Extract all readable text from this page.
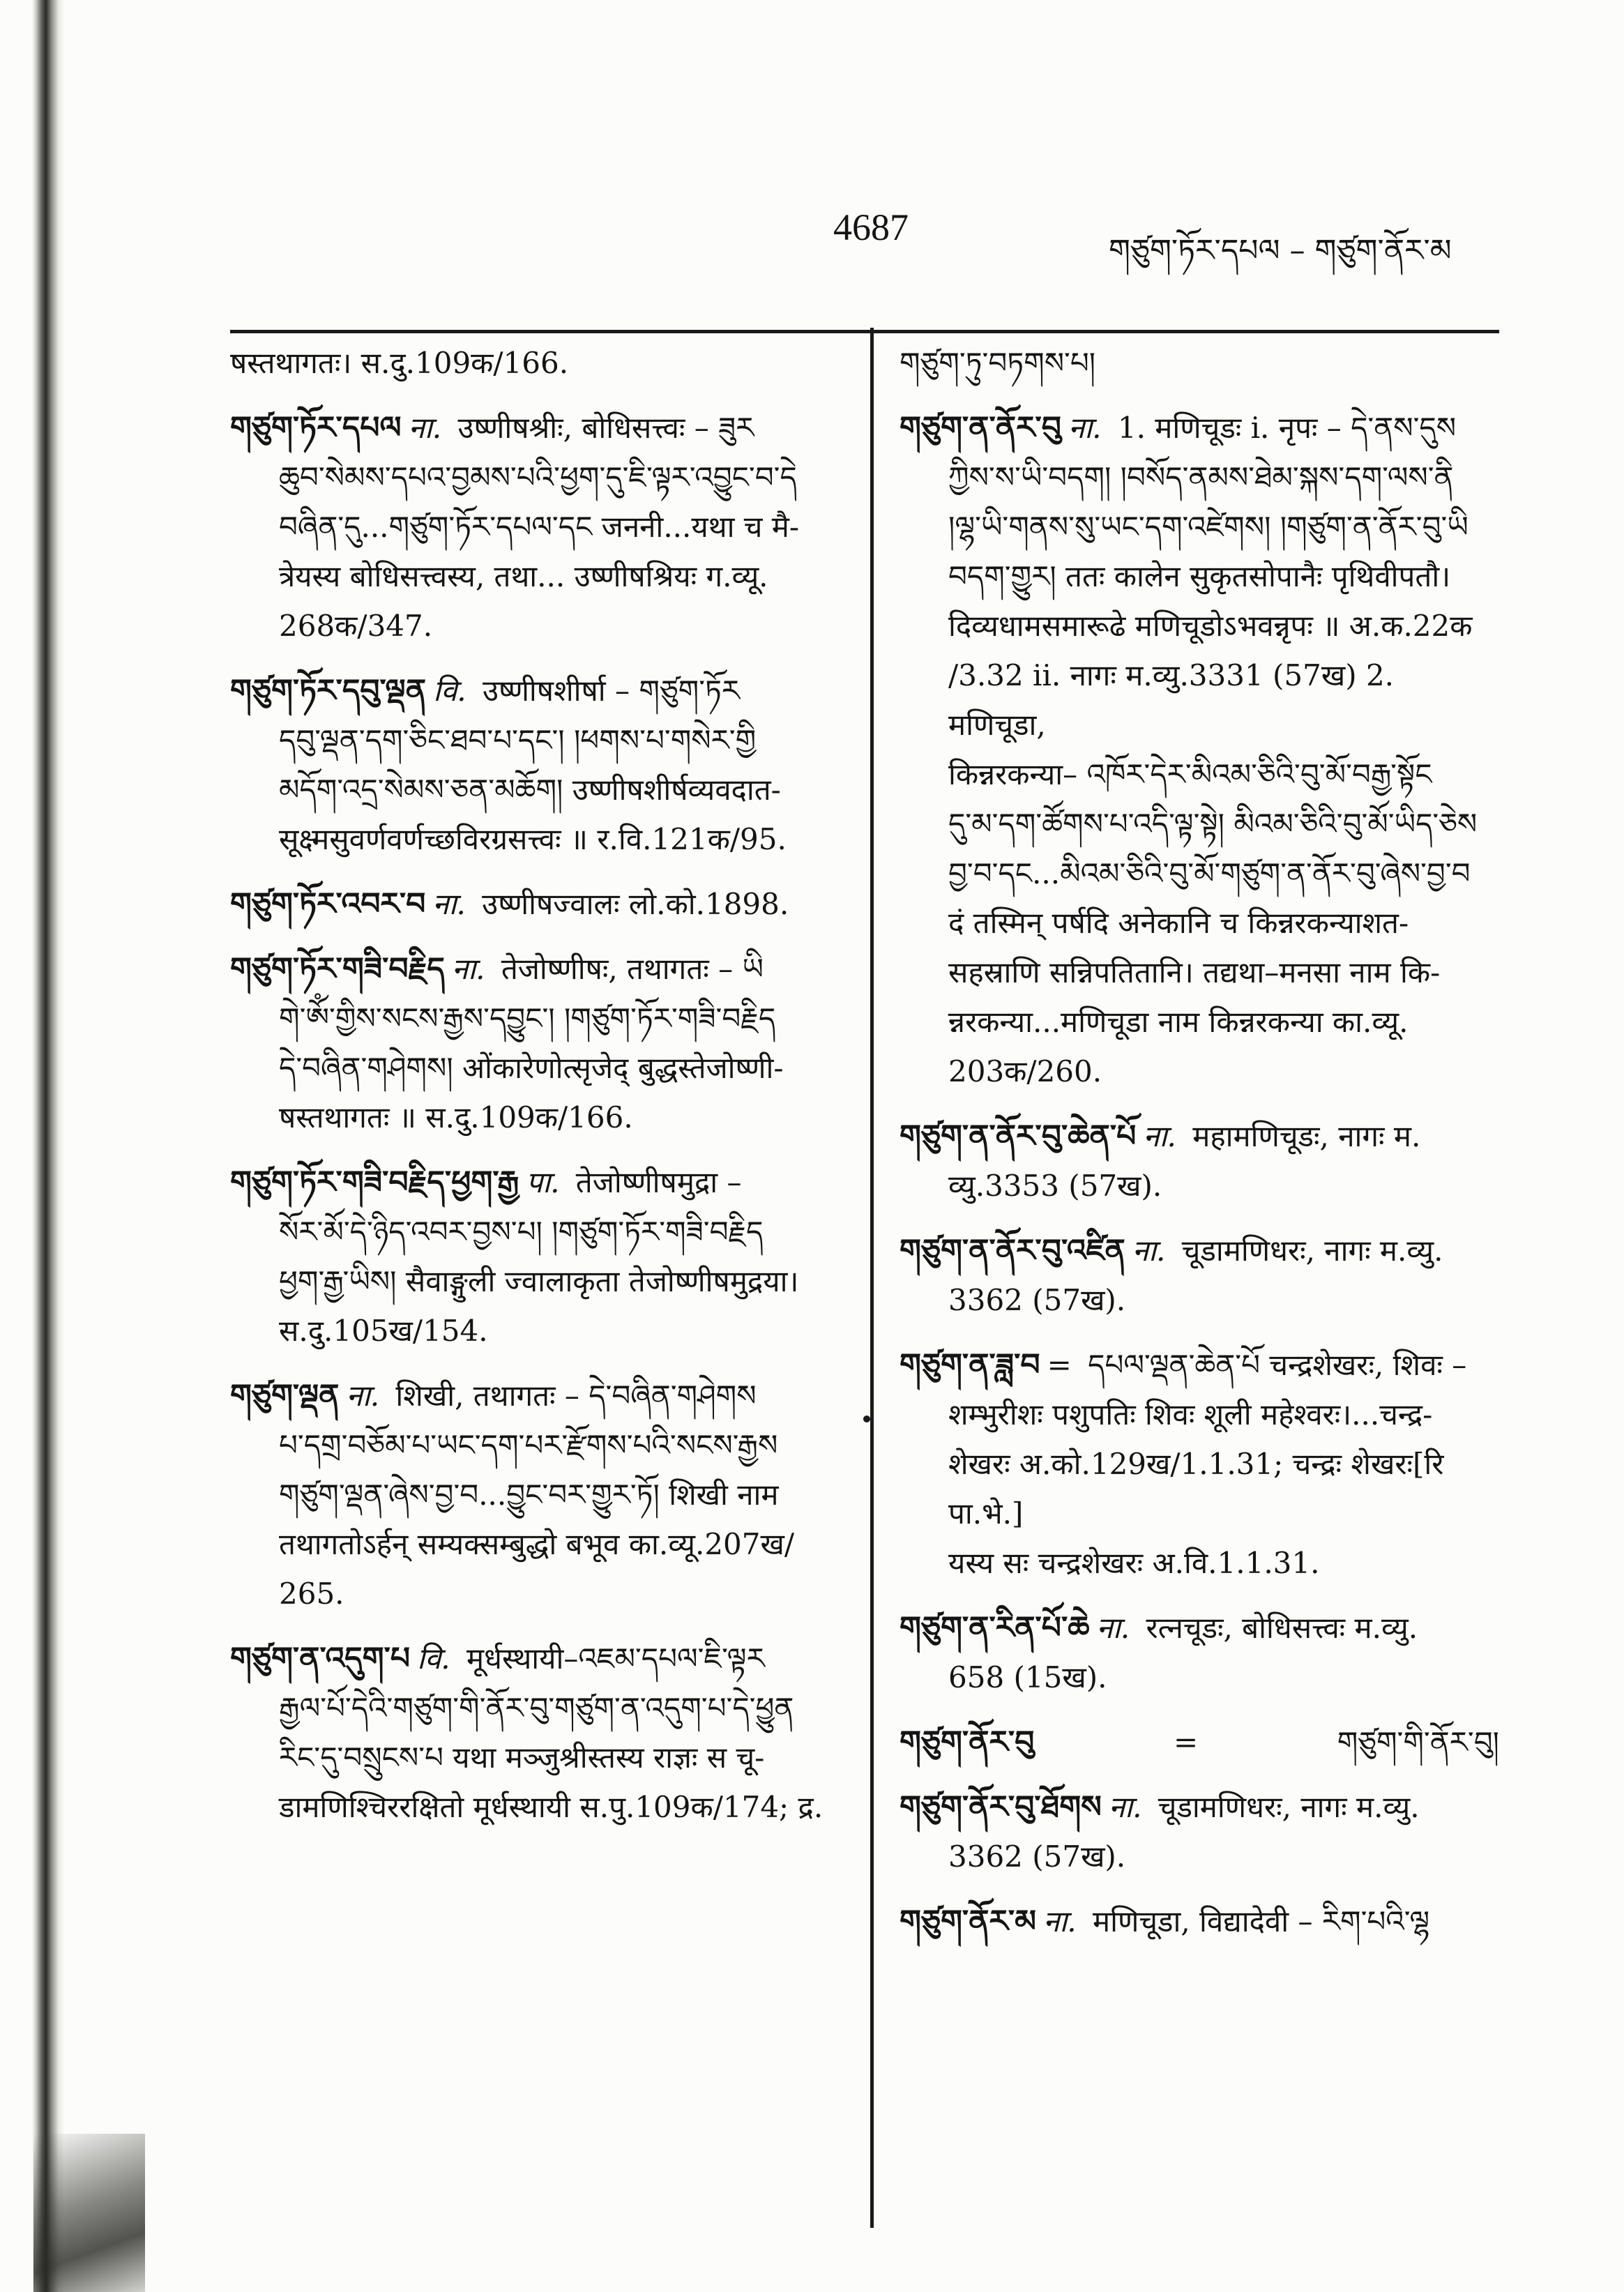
4687
གཙུག་ཏོར་དཔལ – གཙུག་ནོར་མ
षस्तथागतः। स.दु.109क/166.
གཙུག་ཏོར་དཔལ ना. उष्णीषश्रीः, बोधिसत्त्वः – ཟུར
ཆུབ་སེམས་དཔའ་བྱམས་པའི་ཕྱག་དུ་ཇི་ལྟར་འབྱུང་བ་དེ
བཞིན་དུ...གཙུག་ཏོར་དཔལ་དང जननी...यथा च मै-
त्रेयस्य बोधिसत्त्वस्य, तथा... उष्णीषश्रियः ग.व्यू.
268क/347.
གཙུག་ཏོར་དབུ་ལྡན वि. उष्णीषशीर्षा – གཙུག་ཏོར
དབུ་ལྡན་དག་ཅིང་ཐབ་པ་དང་། །ཕགས་པ་གསེར་གྱི
མདོག་འདྲ་སེམས་ཅན་མཆོག། उष्णीषशीर्षव्यवदात-
सूक्ष्मसुवर्णवर्णच्छविरग्रसत्त्वः ॥ र.वि.121क/95.
གཙུག་ཏོར་འབར་བ ना. उष्णीषज्वालः लो.को.1898.
གཙུག་ཏོར་གཟི་བརྗིད ना. तेजोष्णीषः, तथागतः – ཡི
གེ་ཨོཾ་གྱིས་སངས་རྒྱས་དབྱུང་། །གཙུག་ཏོར་གཟི་བརྗིད
དེ་བཞིན་གཤེགས། ओंकारेणोत्सृजेद् बुद्धस्तेजोष्णी-
षस्तथागतः ॥ स.दु.109क/166.
གཙུག་ཏོར་གཟི་བརྗིད་ཕྱག་རྒྱ पा. तेजोष्णीषमुद्रा –
སོར་མོ་དེ་ཉིད་འབར་བྱས་པ། །གཙུག་ཏོར་གཟི་བརྗིད
ཕྱག་རྒྱ་ཡིས། सैवाङ्गुली ज्वालाकृता तेजोष्णीषमुद्रया।
स.दु.105ख/154.
གཙུག་ལྡན ना. शिखी, तथागतः – དེ་བཞིན་གཤེགས
པ་དགྲ་བཅོམ་པ་ཡང་དག་པར་རྫོགས་པའི་སངས་རྒྱས
གཙུག་ལྡན་ཞེས་བྱ་བ...བྱུང་བར་གྱུར་ཏོ། शिखी नाम
तथागतोऽर्हन् सम्यक्सम्बुद्धो बभूव का.व्यू.207ख/
265.
གཙུག་ན་འདུག་པ वि. मूर्धस्थायी–འཇམ་དཔལ་ཇི་ལྟར
རྒྱལ་པོ་དེའི་གཙུག་གི་ནོར་བུ་གཙུག་ན་འདུག་པ་དེ་ཕྱུན
རིང་དུ་བསྲུངས་པ यथा मञ्जुश्रीस्तस्य राज्ञः स चू-
डामणिश्चिररक्षितो मूर्धस्थायी स.पु.109क/174; द्र.
གཙུག་ཏུ་བཏགས་པ།
གཙུག་ན་ནོར་བུ ना. 1. मणिचूडः i. नृपः – དེ་ནས་དུས
ཀྱིས་ས་ཡི་བདག། །བསོད་ནམས་ཐེམ་སྐས་དག་ལས་ནི
།ལྷ་ཡི་གནས་སུ་ཡང་དག་འཛེགས། །གཙུག་ན་ནོར་བུ་ཡི
བདག་གྱུར། ततः कालेन सुकृतसोपानैः पृथिवीपतौ।
दिव्यधामसमारूढे मणिचूडोऽभवन्नृपः ॥ अ.क.22क
/3.32 ii. नागः म.व्यु.3331 (57ख) 2. मणिचूडा,
किन्नरकन्या– འཁོར་དེར་མིའམ་ཅིའི་བུ་མོ་བརྒྱ་སྟོང
དུ་མ་དག་ཚོགས་པ་འདི་ལྟ་སྟེ། མིའམ་ཅིའི་བུ་མོ་ཡིད་ཅེས
བྱ་བ་དང...མིའམ་ཅིའི་བུ་མོ་གཙུག་ན་ནོར་བུ་ཞེས་བྱ་བ
दं तस्मिन् पर्षदि अनेकानि च किन्नरकन्याशत-
सहस्राणि सन्निपतितानि। तद्यथा–मनसा नाम कि-
न्नरकन्या...मणिचूडा नाम किन्नरकन्या का.व्यू.
203क/260.
གཙུག་ན་ནོར་བུ་ཆེན་པོ ना. महामणिचूडः, नागः म.
व्यु.3353 (57ख).
གཙུག་ན་ནོར་བུ་འཛིན ना. चूडामणिधरः, नागः म.व्यु.
3362 (57ख).
གཙུག་ན་ཟླ་བ = དཔལ་ལྡན་ཆེན་པོ चन्द्रशेखरः, शिवः –
शम्भुरीशः पशुपतिः शिवः शूली महेश्वरः।...चन्द्र-
शेखरः अ.को.129ख/1.1.31; चन्द्रः शेखरः[रि पा.भे.]
यस्य सः चन्द्रशेखरः अ.वि.1.1.31.
གཙུག་ན་རིན་པོ་ཆེ ना. रत्नचूडः, बोधिसत्त्वः म.व्यु.
658 (15ख).
གཙུག་ནོར་བུ	=	གཙུག་གི་ནོར་བུ།
གཙུག་ནོར་བུ་ཐོགས ना. चूडामणिधरः, नागः म.व्यु.
3362 (57ख).
གཙུག་ནོར་མ ना. मणिचूडा, विद्यादेवी – རིག་པའི་ལྷ
